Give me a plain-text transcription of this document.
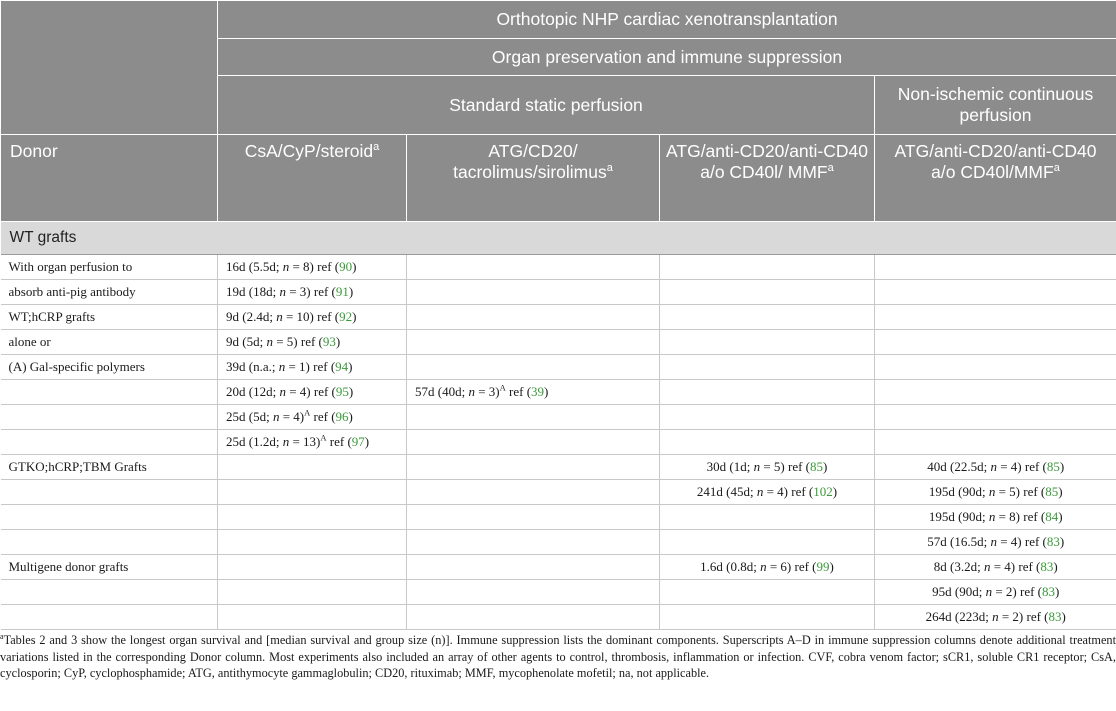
	Orthotopic NHP cardiac xenotransplantation			
	Organ preservation and immune suppression			
	Standard static perfusion			Non-ischemic continuous perfusion
Donor	CsA/CyP/steroid$^a$	ATG/CD20/ tacrolimus/sirolimus$^a$	ATG/anti-CD20/anti-CD40 a/o CD40l/ MMF$^a$	ATG/anti-CD20/anti-CD40 a/o CD40l/MMF$^a$
WT grafts				
With organ perfusion to	16d (5.5d; n = 8) ref (90)			
absorb anti-pig antibody	19d (18d; n = 3) ref (91)			
WT;hCRP grafts	9d (2.4d; n = 10) ref (92)			
alone or	9d (5d; n = 5) ref (93)			
(A) Gal-specific polymers	39d (n.a.; n = 1) ref (94)			
	20d (12d; n = 4) ref (95)	57d (40d; n = 3)$^A$ ref (39)		
	25d (5d; n = 4)$^A$ ref (96)			
	25d (1.2d; n = 13)$^A$ ref (97)			
GTKO;hCRP;TBM Grafts			30d (1d; n = 5) ref (85)	40d (22.5d; n = 4) ref (85)
			241d (45d; n = 4) ref (102)	195d (90d; n = 5) ref (85)
				195d (90d; n = 8) ref (84)
				57d (16.5d; n = 4) ref (83)
Multigene donor grafts			1.6d (0.8d; n = 6) ref (99)	8d (3.2d; n = 4) ref (83)
				95d (90d; n = 2) ref (83)
				264d (223d; n = 2) ref (83)

$^a$Tables 2 and 3 show the longest organ survival and [median survival and group size (n)]. Immune suppression lists the dominant components. Superscripts A–D in immune suppression columns denote additional treatment variations listed in the corresponding Donor column. Most experiments also included an array of other agents to control, thrombosis, inflammation or infection. CVF, cobra venom factor; sCR1, soluble CR1 receptor; CsA, cyclosporin; CyP, cyclophosphamide; ATG, antithymocyte gammaglobulin; CD20, rituximab; MMF, mycophenolate mofetil; na, not applicable.
